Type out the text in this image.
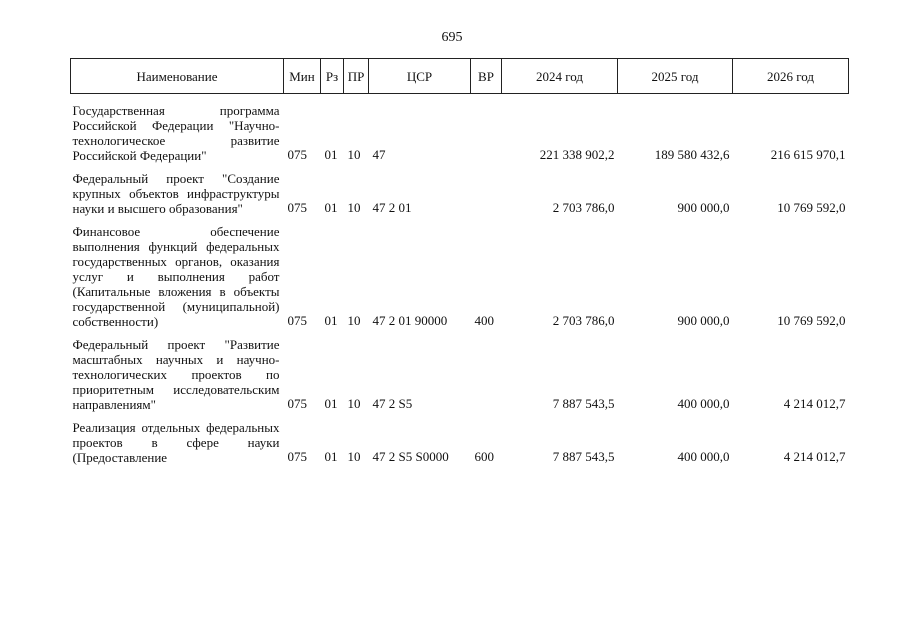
695
Наименование	Мин	Рз	ПР	ЦСР	ВР	2024 год	2025 год	2026 год
Государственная программа Российской Федерации "Научно-технологическое развитие Российской Федерации"	075	01	10	47		221 338 902,2	189 580 432,6	216 615 970,1
Федеральный проект "Создание крупных объектов инфраструктуры науки и высшего образования"	075	01	10	47 2 01		2 703 786,0	900 000,0	10 769 592,0
Финансовое обеспечение выполнения функций федеральных государственных органов, оказания услуг и выполнения работ (Капитальные вложения в объекты государственной (муниципальной) собственности)	075	01	10	47 2 01 90000	400	2 703 786,0	900 000,0	10 769 592,0
Федеральный проект "Развитие масштабных научных и научно-технологических проектов по приоритетным исследовательским направлениям"	075	01	10	47 2 S5		7 887 543,5	400 000,0	4 214 012,7
Реализация отдельных федеральных проектов в сфере науки (Предоставление	075	01	10	47 2 S5 S0000	600	7 887 543,5	400 000,0	4 214 012,7
